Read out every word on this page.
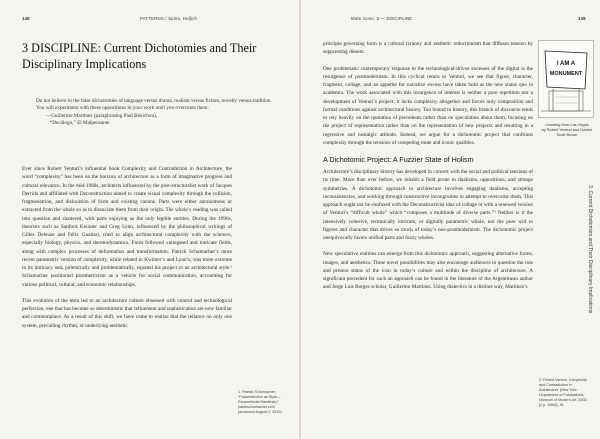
148	PATTERNS / Spina, Hulјich
3 DISCIPLINE: Current Dichotomies and Their Disciplinary Implications
Do not believe in the false dichotomies of language versus drama, realism versus fiction, novelty versus tradition. You will experiment with these oppositions in your work until you overcome them.
—Guillermo Martinez (paraphrasing Paul Bénichou),
“Decálogo,” El Malpensante

Ever since Robert Venturi’s influential book Complexity and Contradiction in Architecture, the word “complexity” has been on the horizon of architecture as a form of imaginative progress and cultural relevance. In the mid-1980s, architects influenced by the post-structuralist work of Jacques Derrida and affiliated with Deconstruction aimed to create visual complexity through the collision, fragmentation, and dislocation of form and existing canons. Parts were either autonomous or extracted from the whole so as to dissociate them from their origin. The whole’s reading was called into question and shattered, with parts enjoying as the only legible entities. During the 1990s, theorists such as Sanford Kwinter and Greg Lynn, influenced by the philosophical writings of Gilles Deleuze and Félix Guattari, tried to align architectural complexity with the sciences, especially biology, physics, and thermodynamics. Form followed variegated and intricate fields, along with complex processes of deformation and transformation. Patrick Schumacher’s more recent parametric version of complexity, while related to Kwinter’s and Lynn’s, was more extreme in its intricacy and, polemically and problematically, equated his project to an architectural style.¹ Schumacher positioned parametricism as a vehicle for social communication, accounting for various political, cultural, and economic relationships.

This evolution of the term led to an architecture culture obsessed with control and technological perfection, one that has become so deterministic that refinement and sophistication are now familiar and commonplace. As a result of this shift, we have come to realize that the reliance on only one system, prevailing rhythm, or underlying aesthetic

1. Patrick Schumacher, “Parametricism as Style—Parametricist Manifesto,” patrikschumacher.com (accessed August 2, 2019).
Mute icons: 3 — DISCIPLINE	149

principle governing form is a cultural tyranny and aesthetic reductionism that diffuses tension by suppressing dissent.

One problematic contemporary response to the technological-driven excesses of the digital is the resurgence of postmodernism. In this cyclical return to Venturi, we see that figure, character, fragment, collage, and an appetite for narrative excess have taken hold as the new status quo in academia. The work associated with this resurgence of interest is neither a pure repetition nor a development of Venturi’s project; it lacks complexity altogether and favors only composition and formal conditions against architectural history. Too bound to history, this branch of discourse tends to rely heavily on the quotation of precedents rather than on speculation about them, focusing on the project of representation rather than on the representation of new projects and resulting in a regressive and nostalgic attitude. Instead, we argue for a dichotomic project that confronts complexity through the tensions of competing mute and iconic qualities.

A Dichotomic Project: A Fuzzier State of Holism

Architecture’s disciplinary history has developed in concert with the social and political tensions of its time. More than ever before, we inhabit a field prone to dualisms, oppositions, and strange symmetries. A dichotomic approach in architecture involves engaging dualisms, accepting inconsistencies, and working through constructive incongruities to attempt to overcome them. This approach ought not be confused with the Deconstructivist idea of collage or with a renewed version of Venturi’s “difficult whole” which “composes a multitude of diverse parts.”² Neither is it the intensively cohesive, tectonically intricate, or digitally parametric whole, nor the pure will to figures and character that drives so much of today’s neo-postmodernism. The dichotomic project unequivocally favors unified parts and fuzzy wholes.

New speculative realities can emerge from this dichotomic approach, suggesting alternative forms, images, and aesthetics. These novel possibilities may also encourage audiences to question the role and present status of the icon in today’s culture and within the discipline of architecture. A significant precedent for such an approach can be found in the literature of the Argentinean author and Jorge Luis Borges scholar, Guillermo Martinez. Using dialectics in a distinct way, Martinez’s

I AM A
MONUMENT
Learning from Las Vegas
by Robert Venturi and Denise Scott Brown
3. Current Dichotomies and Their Disciplinary Implications
2. Robert Venturi, Complexity and Contradiction in Architecture (New York: Department of Publications, Museum of Modern Art, 2002, [n.p. 1966]), 91.
